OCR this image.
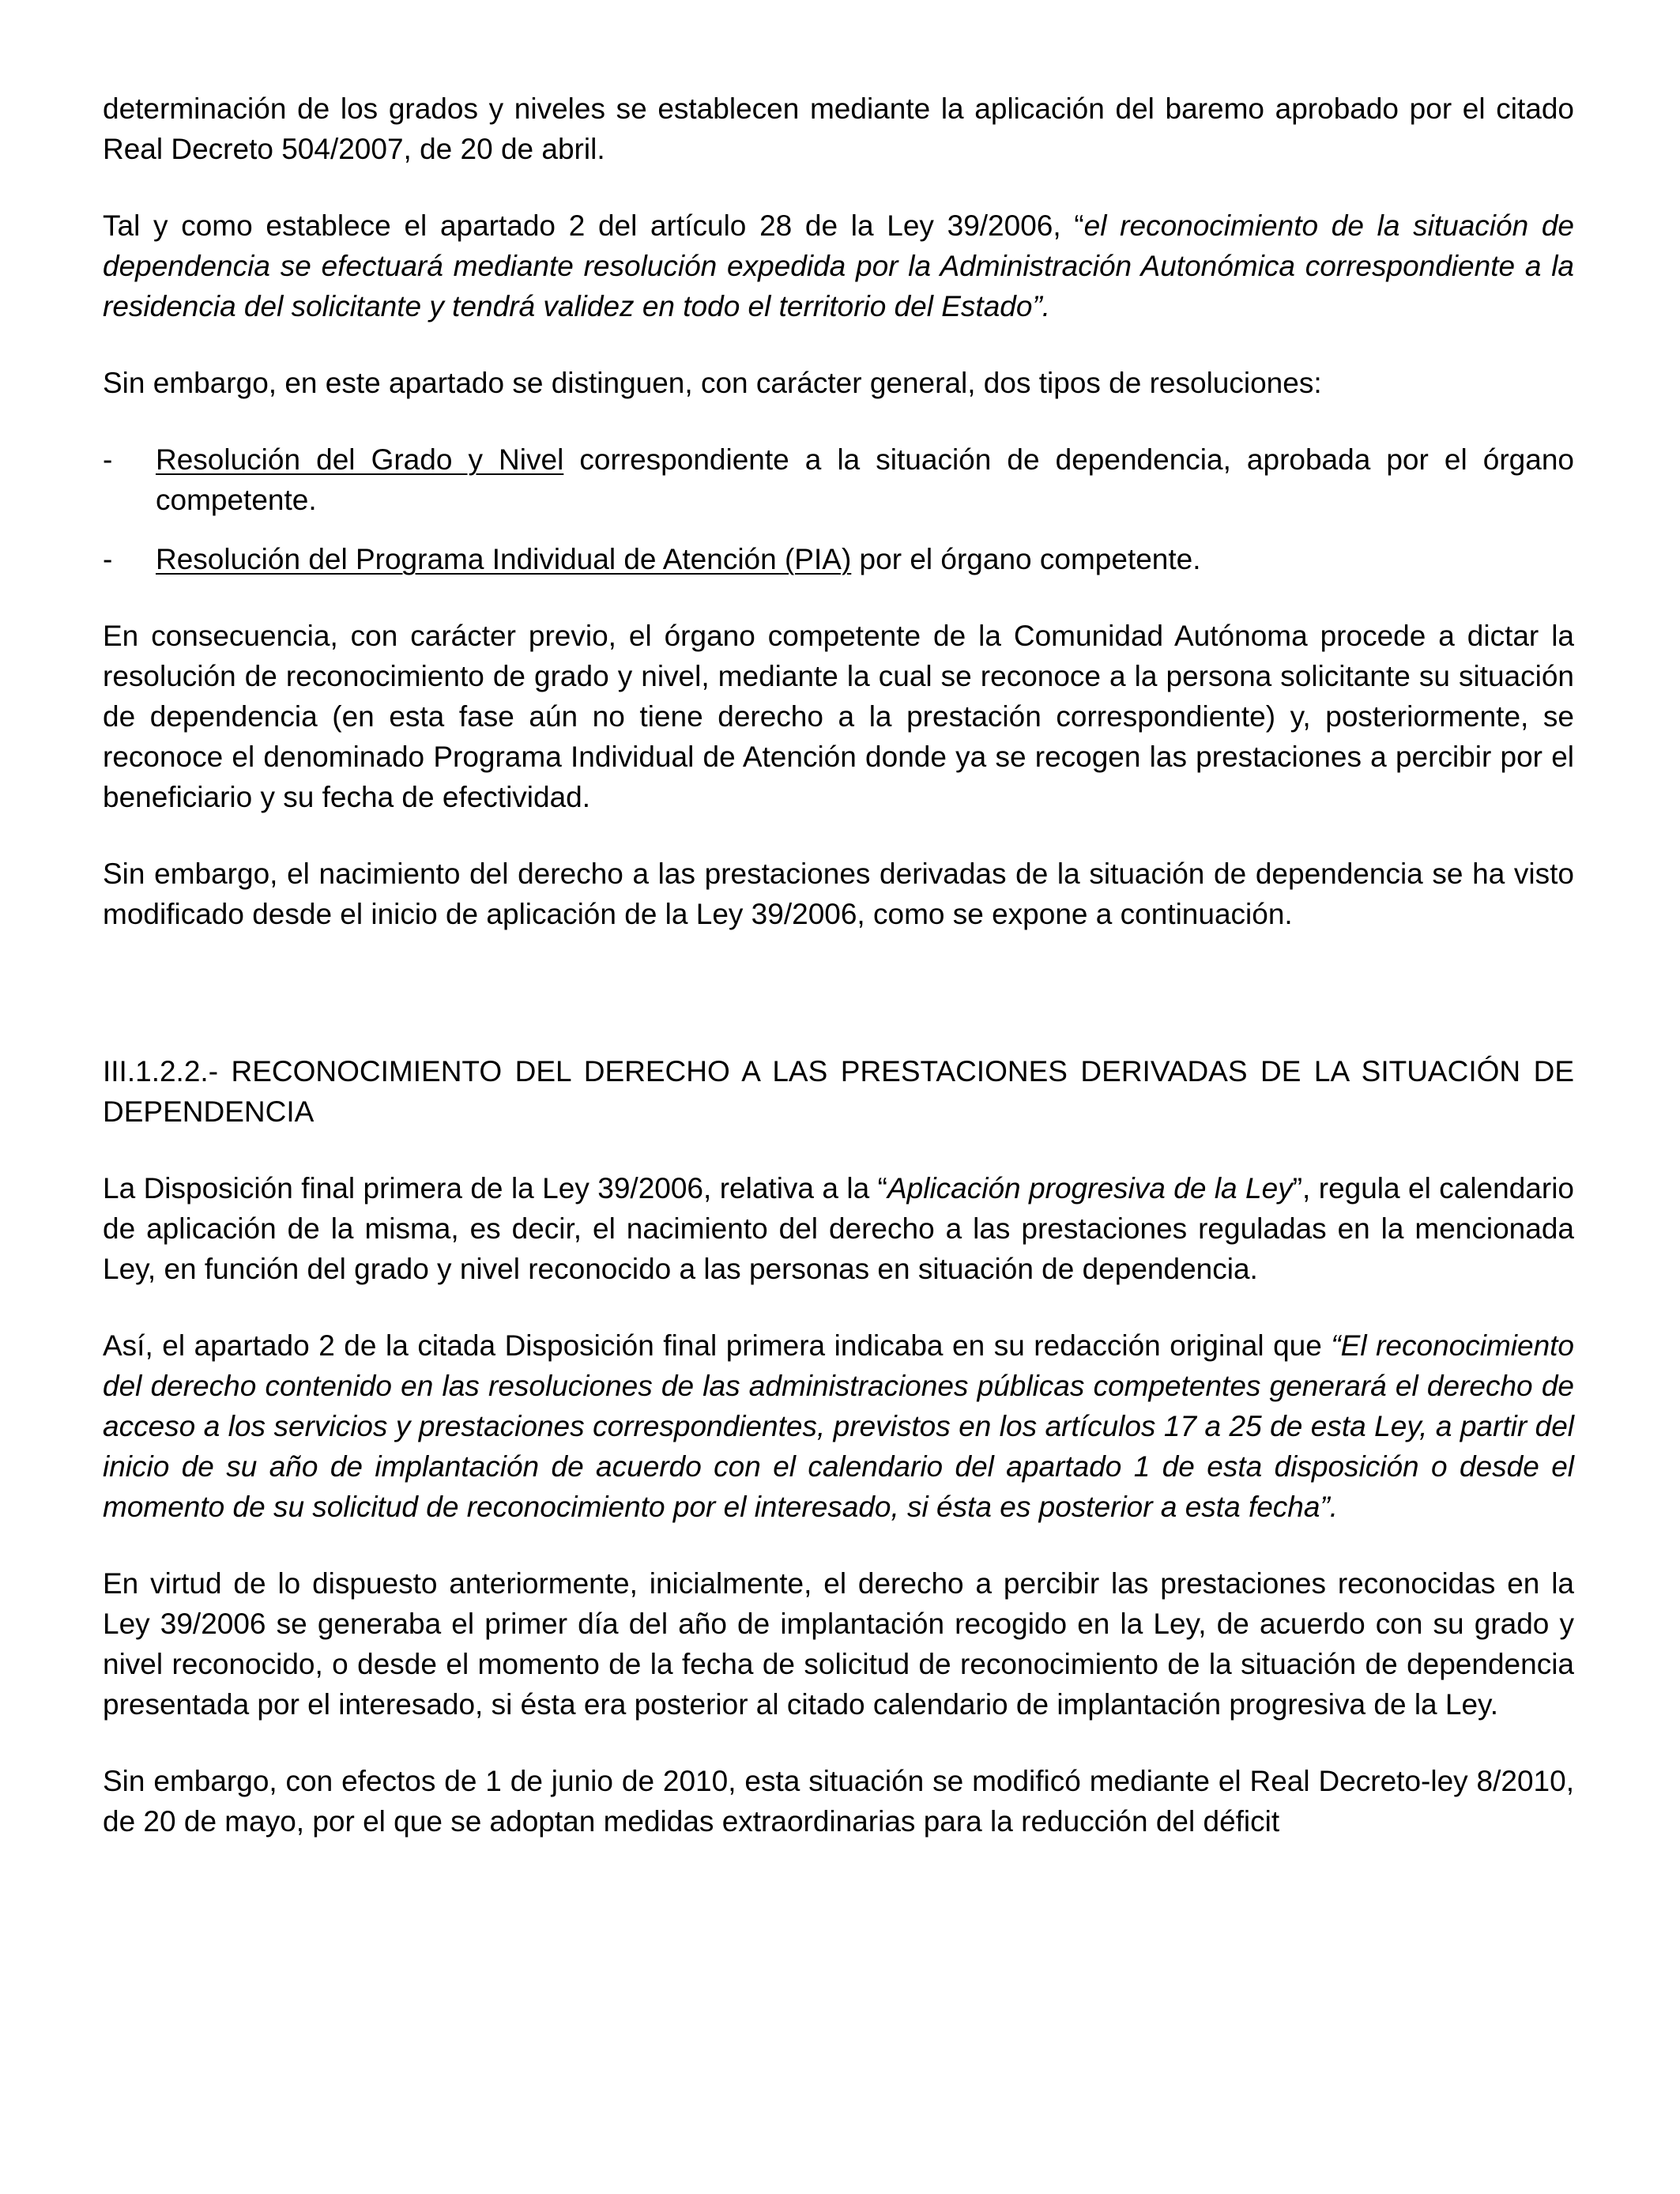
determinación de los grados y niveles se establecen mediante la aplicación del baremo aprobado por el citado Real Decreto 504/2007, de 20 de abril.

Tal y como establece el apartado 2 del artículo 28 de la Ley 39/2006, “el reconocimiento de la situación de dependencia se efectuará mediante resolución expedida por la Administración Autonómica correspondiente a la residencia del solicitante y tendrá validez en todo el territorio del Estado”.

Sin embargo, en este apartado se distinguen, con carácter general, dos tipos de resoluciones:

-	Resolución del Grado y Nivel correspondiente a la situación de dependencia, aprobada por el órgano competente.
-	Resolución del Programa Individual de Atención (PIA) por el órgano competente.

En consecuencia, con carácter previo, el órgano competente de la Comunidad Autónoma procede a dictar la resolución de reconocimiento de grado y nivel, mediante la cual se reconoce a la persona solicitante su situación de dependencia (en esta fase aún no tiene derecho a la prestación correspondiente) y, posteriormente, se reconoce el denominado Programa Individual de Atención donde ya se recogen las prestaciones a percibir por el beneficiario y su fecha de efectividad.

Sin embargo, el nacimiento del derecho a las prestaciones derivadas de la situación de dependencia se ha visto modificado desde el inicio de aplicación de la Ley 39/2006, como se expone a continuación.

III.1.2.2.- RECONOCIMIENTO DEL DERECHO A LAS PRESTACIONES DERIVADAS DE LA SITUACIÓN DE DEPENDENCIA

La Disposición final primera de la Ley 39/2006, relativa a la “Aplicación progresiva de la Ley”, regula el calendario de aplicación de la misma, es decir, el nacimiento del derecho a las prestaciones reguladas en la mencionada Ley, en función del grado y nivel reconocido a las personas en situación de dependencia.

Así, el apartado 2 de la citada Disposición final primera indicaba en su redacción original que “El reconocimiento del derecho contenido en las resoluciones de las administraciones públicas competentes generará el derecho de acceso a los servicios y prestaciones correspondientes, previstos en los artículos 17 a 25 de esta Ley, a partir del inicio de su año de implantación de acuerdo con el calendario del apartado 1 de esta disposición o desde el momento de su solicitud de reconocimiento por el interesado, si ésta es posterior a esta fecha”.

En virtud de lo dispuesto anteriormente, inicialmente, el derecho a percibir las prestaciones reconocidas en la Ley 39/2006 se generaba el primer día del año de implantación recogido en la Ley, de acuerdo con su grado y nivel reconocido, o desde el momento de la fecha de solicitud de reconocimiento de la situación de dependencia presentada por el interesado, si ésta era posterior al citado calendario de implantación progresiva de la Ley.

Sin embargo, con efectos de 1 de junio de 2010, esta situación se modificó mediante el Real Decreto-ley 8/2010, de 20 de mayo, por el que se adoptan medidas extraordinarias para la reducción del déficit
